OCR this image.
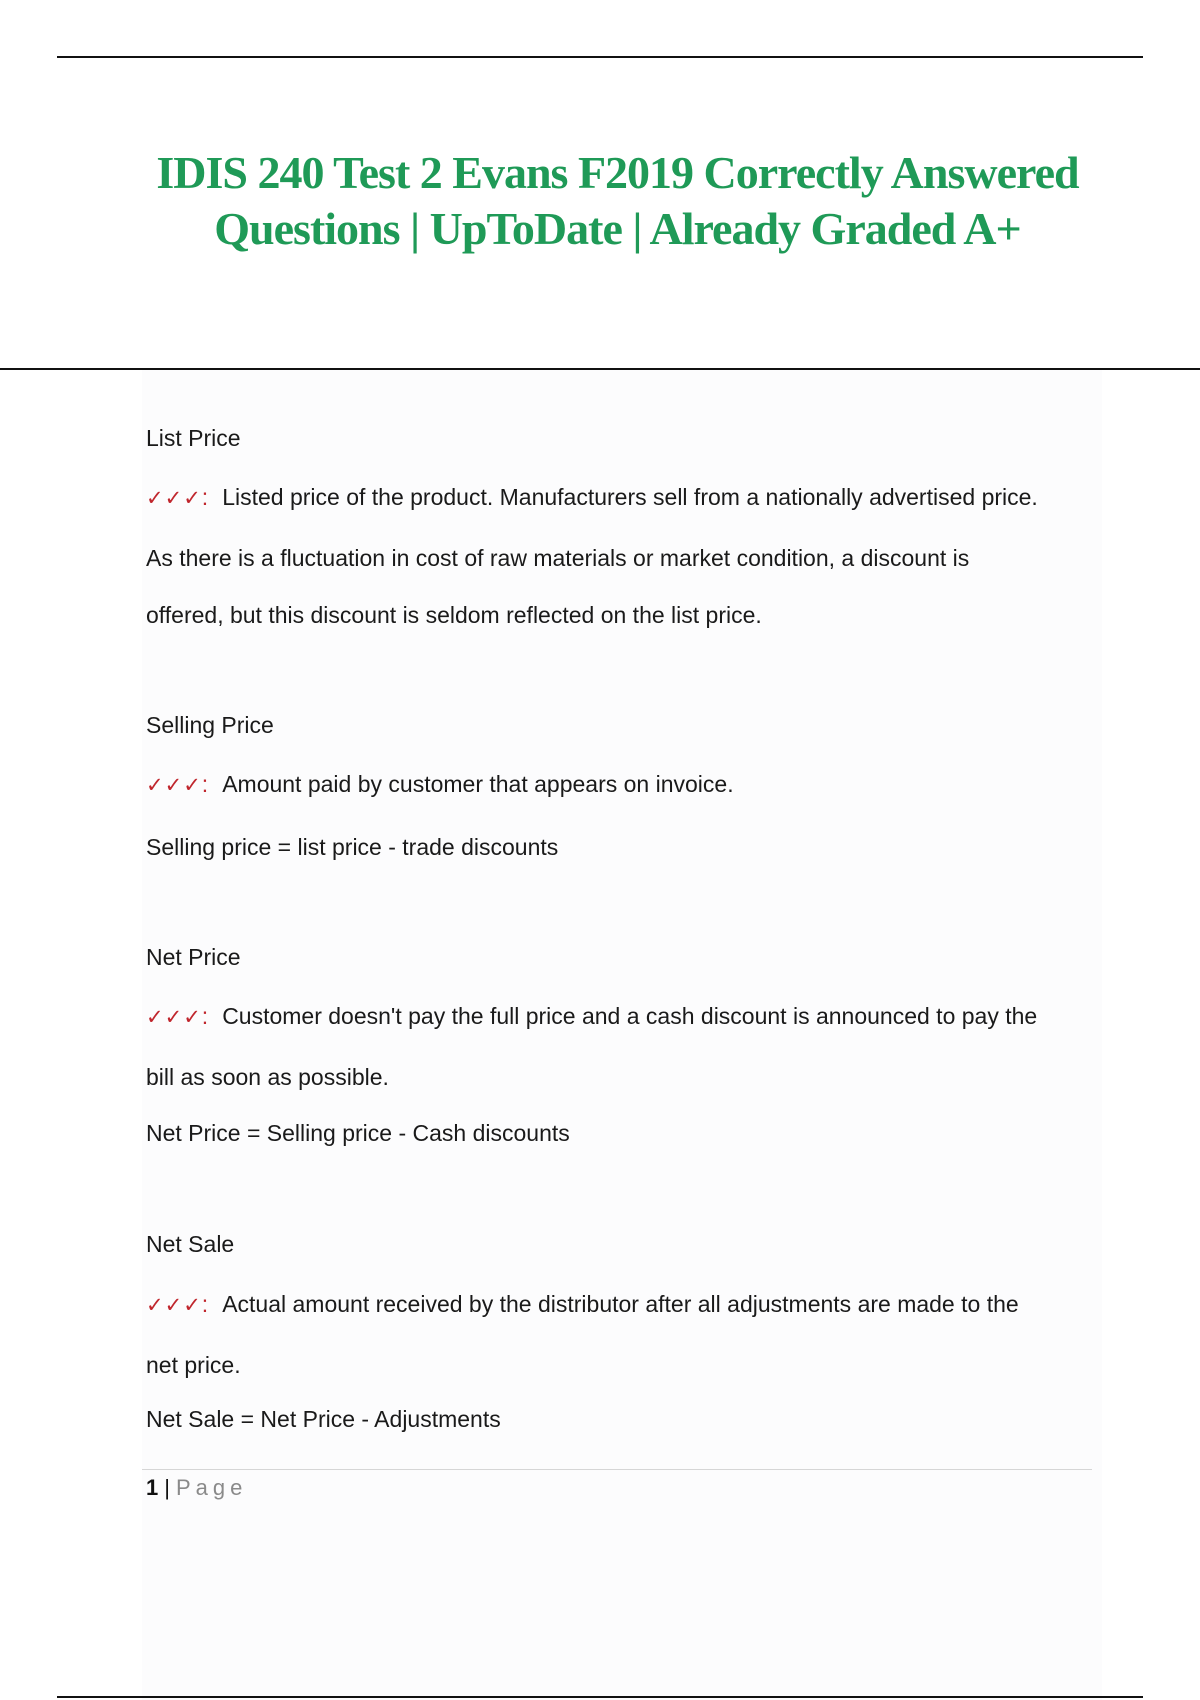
IDIS 240 Test 2 Evans F2019 Correctly Answered Questions | UpToDate | Already Graded A+
List Price
✓✓✓: Listed price of the product. Manufacturers sell from a nationally advertised price.
As there is a fluctuation in cost of raw materials or market condition, a discount is
offered, but this discount is seldom reflected on the list price.
Selling Price
✓✓✓: Amount paid by customer that appears on invoice.
Selling price = list price - trade discounts
Net Price
✓✓✓: Customer doesn't pay the full price and a cash discount is announced to pay the
bill as soon as possible.
Net Price = Selling price - Cash discounts
Net Sale
✓✓✓: Actual amount received by the distributor after all adjustments are made to the
net price.
Net Sale = Net Price - Adjustments
1 | Page
